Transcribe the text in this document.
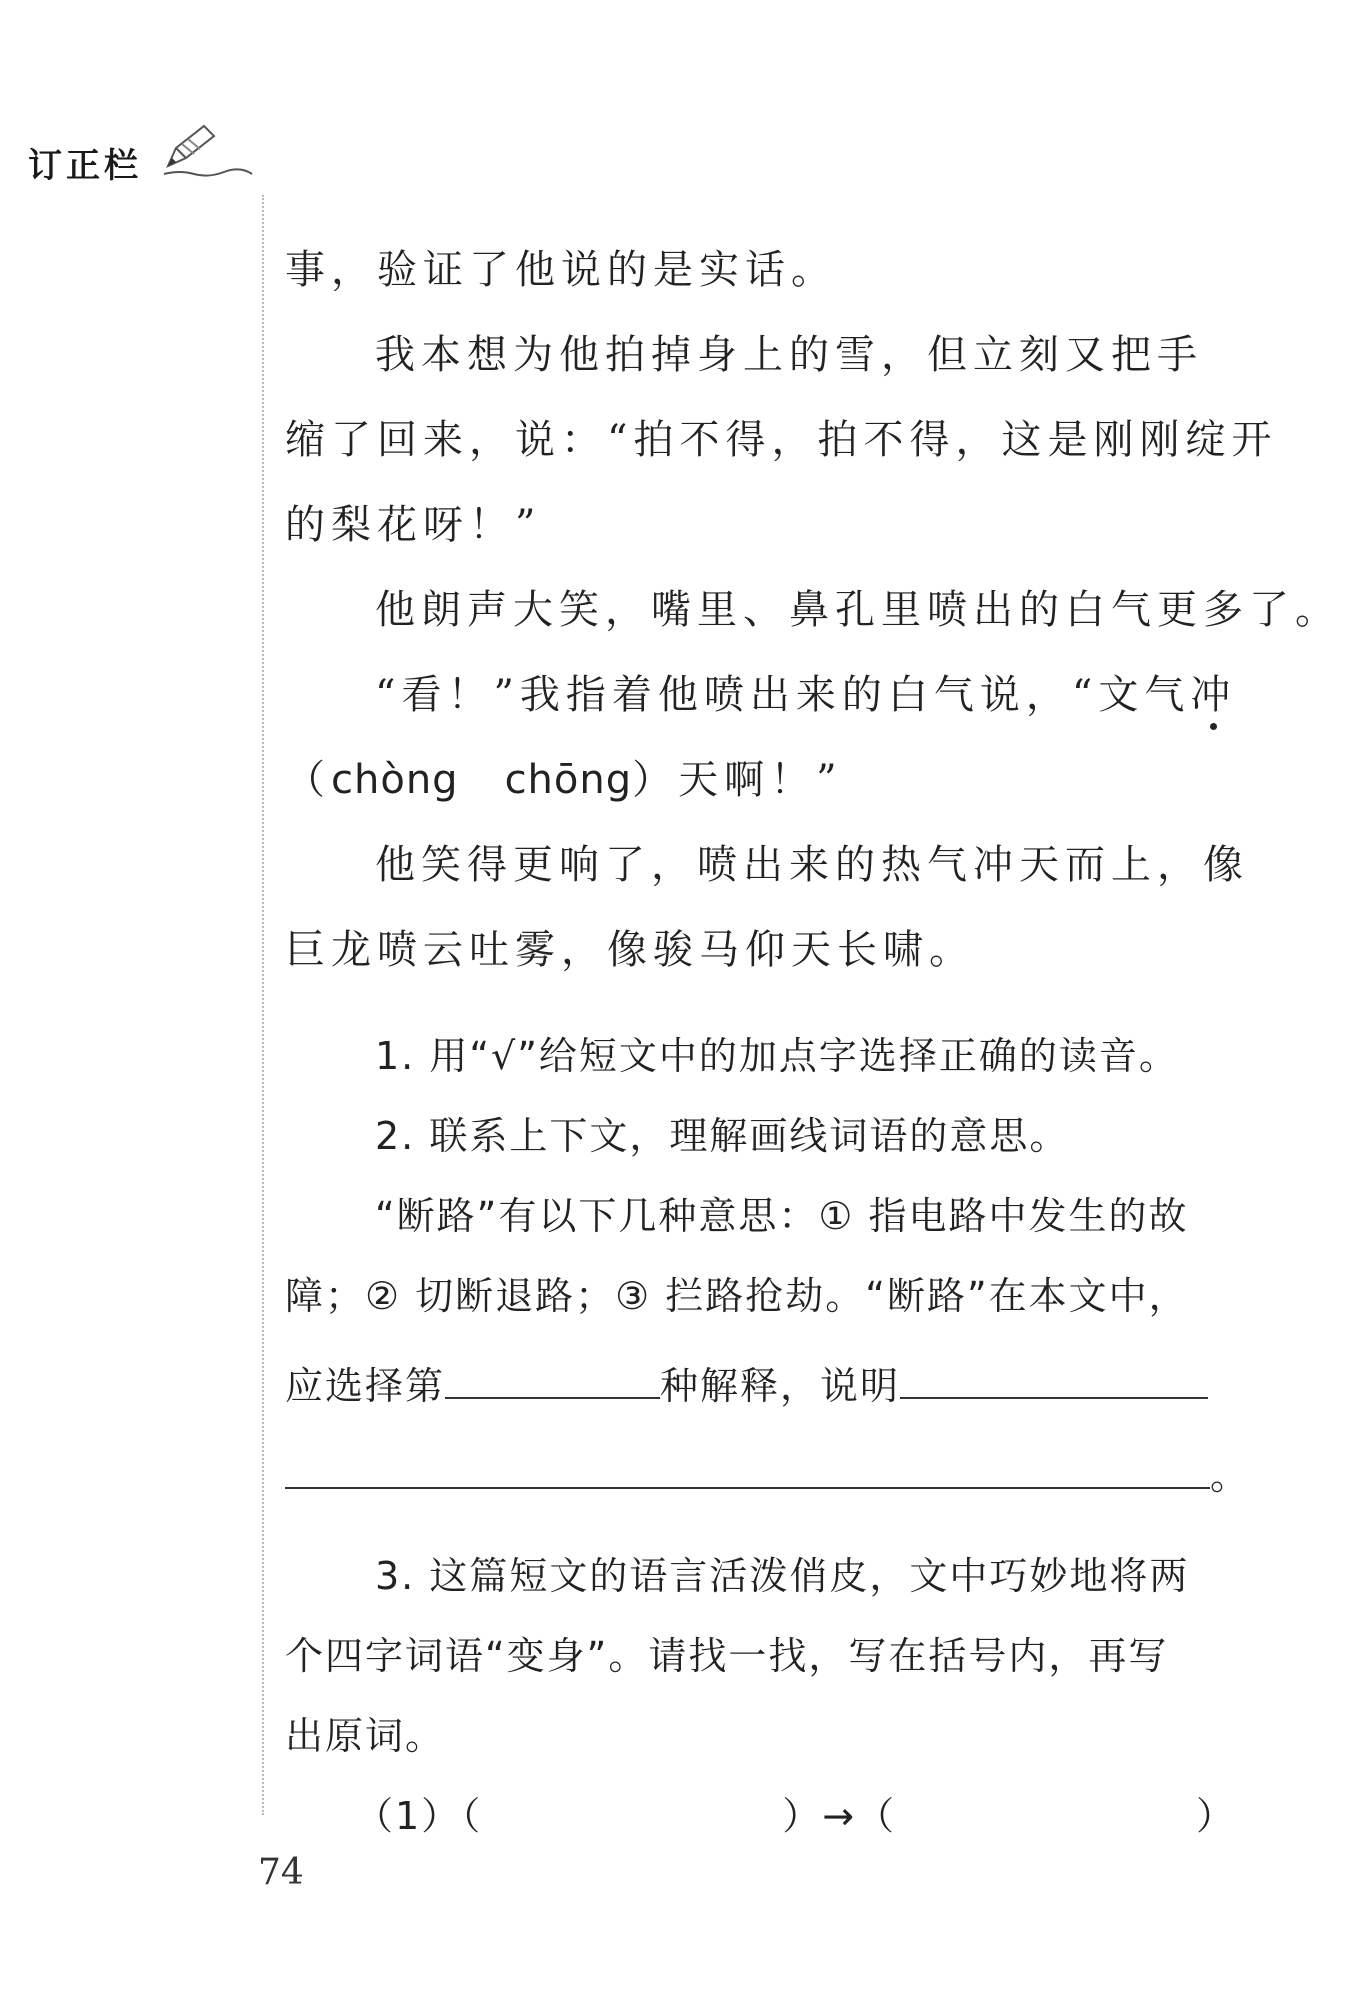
订正栏
事，验证了他说的是实话。
我本想为他拍掉身上的雪，但立刻又把手
缩了回来，说：“拍不得，拍不得，这是刚刚绽开
的梨花呀！”
他朗声大笑，嘴里、鼻孔里喷出的白气更多了。
“看！”我指着他喷出来的白气说，“文气冲
（chòng chōng）天啊！”
他笑得更响了，喷出来的热气冲天而上，像
巨龙喷云吐雾，像骏马仰天长啸。
1. 用“√”给短文中的加点字选择正确的读音。
2. 联系上下文，理解画线词语的意思。
“断路”有以下几种意思：① 指电路中发生的故
障；② 切断退路；③ 拦路抢劫。“断路”在本文中，
应选择第	种解释，说明
。
3. 这篇短文的语言活泼俏皮，文中巧妙地将两
个四字词语“变身”。请找一找，写在括号内，再写
出原词。
（1）（	）→（	）
74
